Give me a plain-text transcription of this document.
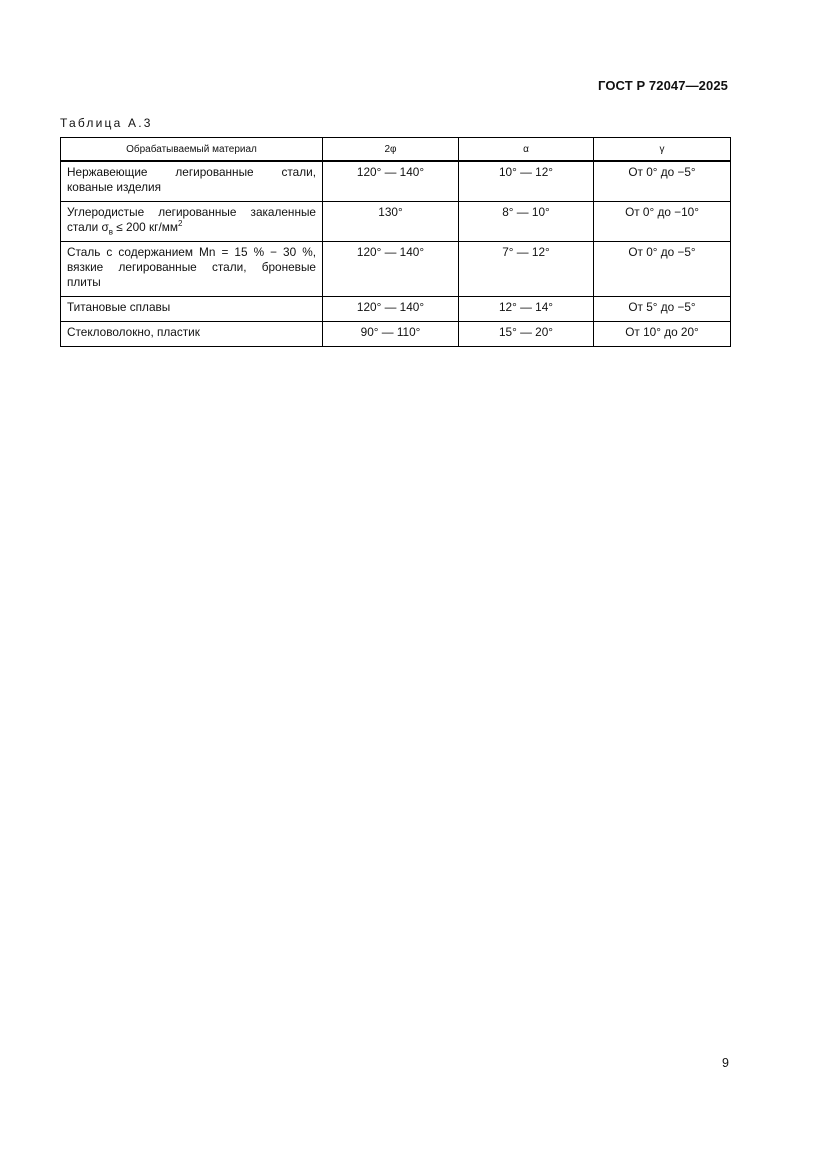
ГОСТ Р 72047—2025
Таблица А.3
Обрабатываемый материал	2φ	α	γ
Нержавеющие легированные стали, кованые изделия	120° — 140°	10° — 12°	От 0° до −5°
Углеродистые легированные закаленные стали $\sigma_в \le 200$ $кг/мм^2$	130°	8° — 10°	От 0° до −10°
Сталь с содержанием Mn = 15 % − 30 %, вязкие легированные стали, броневые плиты	120° — 140°	7° — 12°	От 0° до −5°
Титановые сплавы	120° — 140°	12° — 14°	От 5° до −5°
Стекловолокно, пластик	90° — 110°	15° — 20°	От 10° до 20°
9
